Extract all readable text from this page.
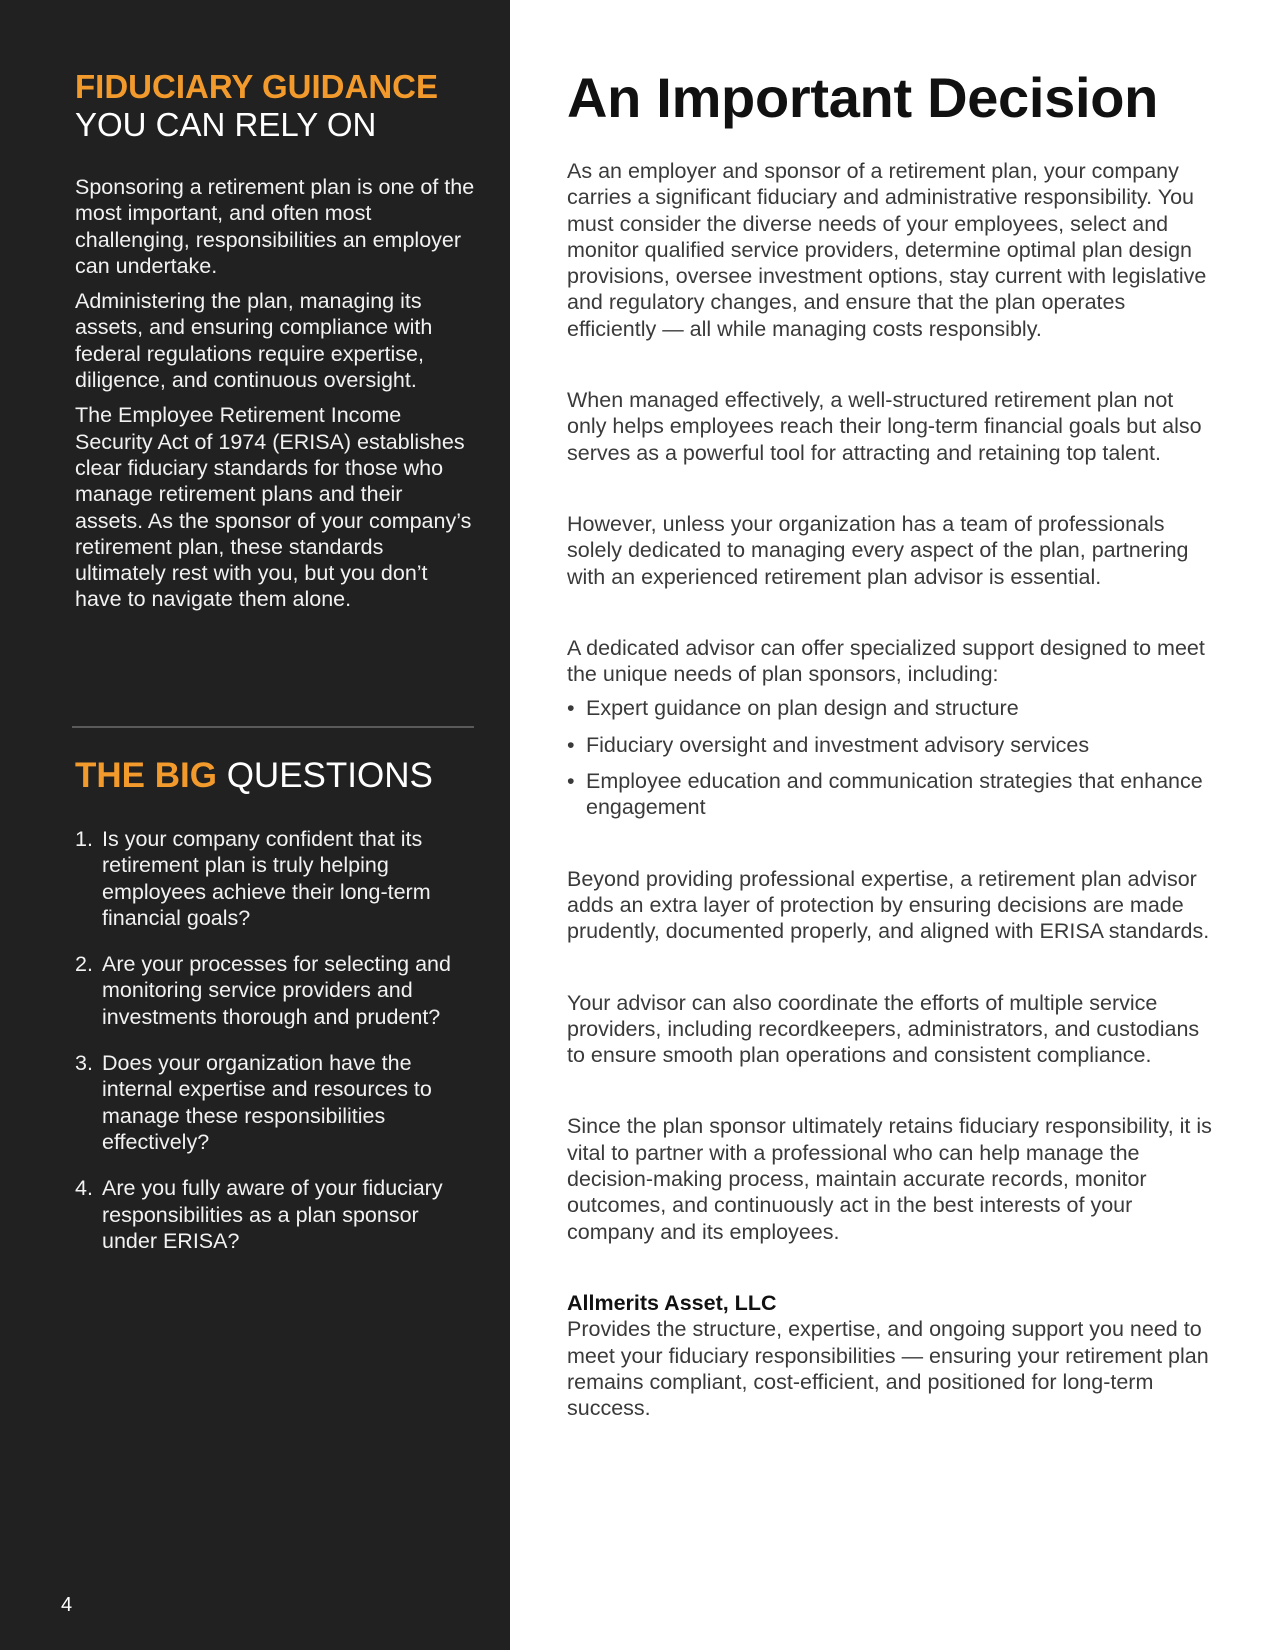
FIDUCIARY GUIDANCE
YOU CAN RELY ON

Sponsoring a retirement plan is one of the most important, and often most challenging, responsibilities an employer can undertake.

Administering the plan, managing its assets, and ensuring compliance with federal regulations require expertise, diligence, and continuous oversight.

The Employee Retirement Income Security Act of 1974 (ERISA) establishes clear fiduciary standards for those who manage retirement plans and their assets. As the sponsor of your company’s retirement plan, these standards ultimately rest with you, but you don’t have to navigate them alone.

THE BIG QUESTIONS
1. Is your company confident that its retirement plan is truly helping employees achieve their long-term financial goals?
2. Are your processes for selecting and monitoring service providers and investments thorough and prudent?
3. Does your organization have the internal expertise and resources to manage these responsibilities effectively?
4. Are you fully aware of your fiduciary responsibilities as a plan sponsor under ERISA?
4
An Important Decision

As an employer and sponsor of a retirement plan, your company carries a significant fiduciary and administrative responsibility. You must consider the diverse needs of your employees, select and monitor qualified service providers, determine optimal plan design provisions, oversee investment options, stay current with legislative and regulatory changes, and ensure that the plan operates efficiently — all while managing costs responsibly.

When managed effectively, a well-structured retirement plan not only helps employees reach their long-term financial goals but also serves as a powerful tool for attracting and retaining top talent.

However, unless your organization has a team of professionals solely dedicated to managing every aspect of the plan, partnering with an experienced retirement plan advisor is essential.

A dedicated advisor can offer specialized support designed to meet the unique needs of plan sponsors, including:

• Expert guidance on plan design and structure
• Fiduciary oversight and investment advisory services
• Employee education and communication strategies that enhance engagement

Beyond providing professional expertise, a retirement plan advisor adds an extra layer of protection by ensuring decisions are made prudently, documented properly, and aligned with ERISA standards.

Your advisor can also coordinate the efforts of multiple service providers, including recordkeepers, administrators, and custodians to ensure smooth plan operations and consistent compliance.

Since the plan sponsor ultimately retains fiduciary responsibility, it is vital to partner with a professional who can help manage the decision-making process, maintain accurate records, monitor outcomes, and continuously act in the best interests of your company and its employees.

Allmerits Asset, LLC

Provides the structure, expertise, and ongoing support you need to meet your fiduciary responsibilities — ensuring your retirement plan remains compliant, cost-efficient, and positioned for long-term success.
